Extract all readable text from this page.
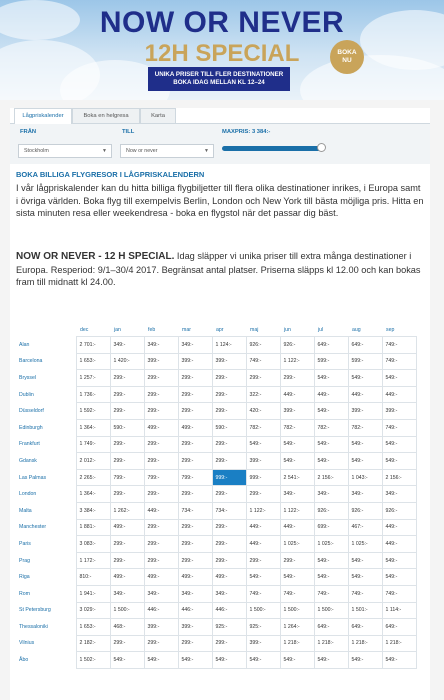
NOW OR NEVER
12H SPECIAL
UNIKA PRISER TILL FLER DESTINATIONER
BOKA IDAG MELLAN KL 12–24
BOKA
NU
Lågpriskalender	Boka en helgresa	Karta
FRÅN
Stockholm	▼
TILL
Now or never	▼
MAXPRIS: 3 384:-
BOKA BILLIGA FLYGRESOR I LÅGPRISKALENDERN
I vår lågpriskalender kan du hitta billiga flygbiljetter till flera olika destinationer inrikes, i Europa samt i övriga världen. Boka flyg till exempelvis Berlin, London och New York till bästa möjliga pris. Hitta en sista minuten resa eller weekendresa - boka en flygstol när det passar dig bäst.
NOW OR NEVER - 12 H SPECIAL. Idag släpper vi unika priser till extra många destinationer i Europa. Resperiod: 9/1–30/4 2017. Begränsat antal platser. Priserna släpps kl 12.00 och kan bokas fram till midnatt kl 24.00.
	dec	jan	feb	mar	apr	maj	jun	jul	aug	sep
Alan	2 701:-	349:-	349:-	349:-	1 124:-	926:-	926:-	649:-	649:-	749:-
Barcelona	1 653:-	1 420:-	399:-	399:-	399:-	749:-	1 122:-	599:-	599:-	749:-
Bryssel	1 257:-	299:-	299:-	299:-	299:-	299:-	299:-	549:-	549:-	549:-
Dublin	1 736:-	299:-	299:-	299:-	299:-	322:-	449:-	449:-	449:-	449:-
Düsseldorf	1 592:-	299:-	299:-	299:-	299:-	420:-	399:-	549:-	399:-	399:-
Edinburgh	1 364:-	590:-	499:-	499:-	590:-	782:-	782:-	782:-	782:-	749:-
Frankfurt	1 749:-	299:-	299:-	299:-	299:-	549:-	549:-	549:-	549:-	549:-
Gdansk	2 012:-	299:-	299:-	299:-	299:-	399:-	549:-	549:-	549:-	549:-
Las Palmas	2 265:-	799:-	799:-	799:-	999:-	999:-	2 541:-	2 156:-	1 043:-	2 156:-
London	1 364:-	299:-	299:-	299:-	299:-	299:-	349:-	349:-	349:-	349:-
Malta	3 384:-	1 262:-	449:-	734:-	734:-	1 122:-	1 122:-	926:-	926:-	926:-
Manchester	1 881:-	499:-	299:-	299:-	299:-	449:-	449:-	699:-	467:-	449:-
Paris	3 083:-	299:-	299:-	299:-	299:-	449:-	1 025:-	1 025:-	1 025:-	449:-
Prag	1 172:-	299:-	299:-	299:-	299:-	299:-	299:-	549:-	549:-	549:-
Riga	810:-	499:-	499:-	499:-	499:-	549:-	549:-	549:-	549:-	549:-
Rom	1 941:-	349:-	349:-	349:-	349:-	749:-	749:-	749:-	749:-	749:-
St Petersburg	3 029:-	1 500:-	446:-	446:-	446:-	1 500:-	1 500:-	1 500:-	1 501:-	1 114:-
Thessaloniki	1 653:-	468:-	399:-	399:-	925:-	925:-	1 264:-	649:-	649:-	649:-
Vilnius	2 182:-	299:-	299:-	299:-	299:-	399:-	1 218:-	1 218:-	1 218:-	1 218:-
Åbo	1 502:-	549:-	549:-	549:-	549:-	549:-	549:-	549:-	549:-	549:-
